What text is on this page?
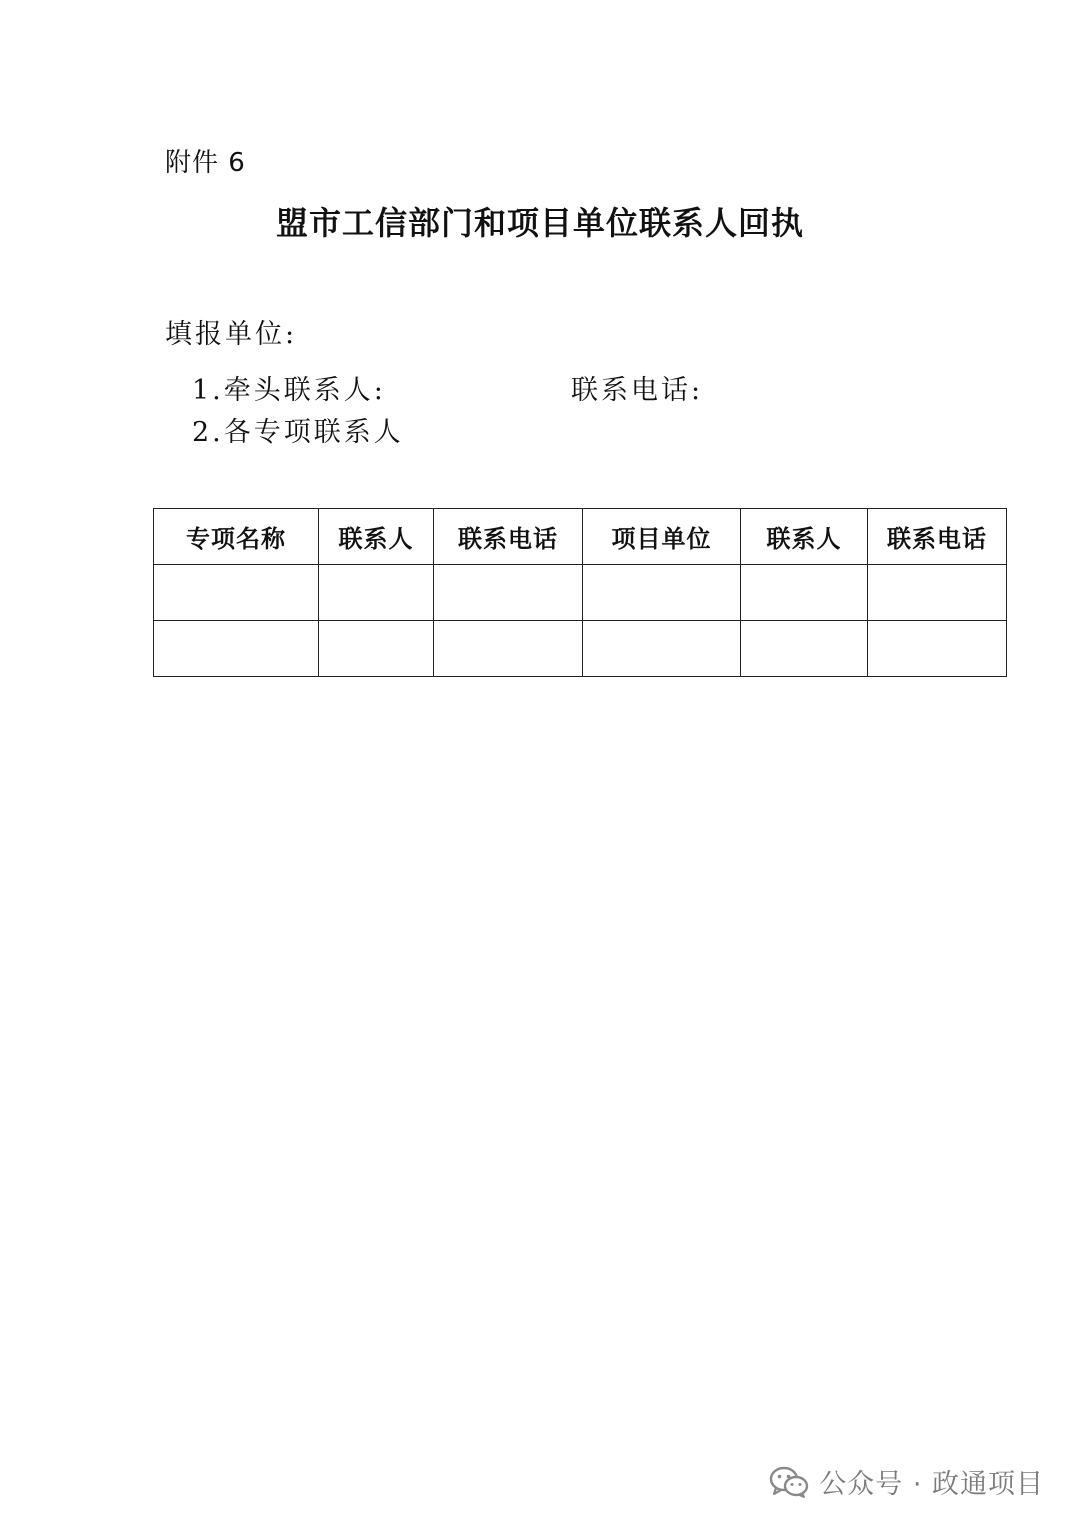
附件 6
盟市工信部门和项目单位联系人回执
填报单位:
1.牵头联系人:	联系电话:
2.各专项联系人
专项名称	联系人	联系电话	项目单位	联系人	联系电话

公众号 · 政通项目
